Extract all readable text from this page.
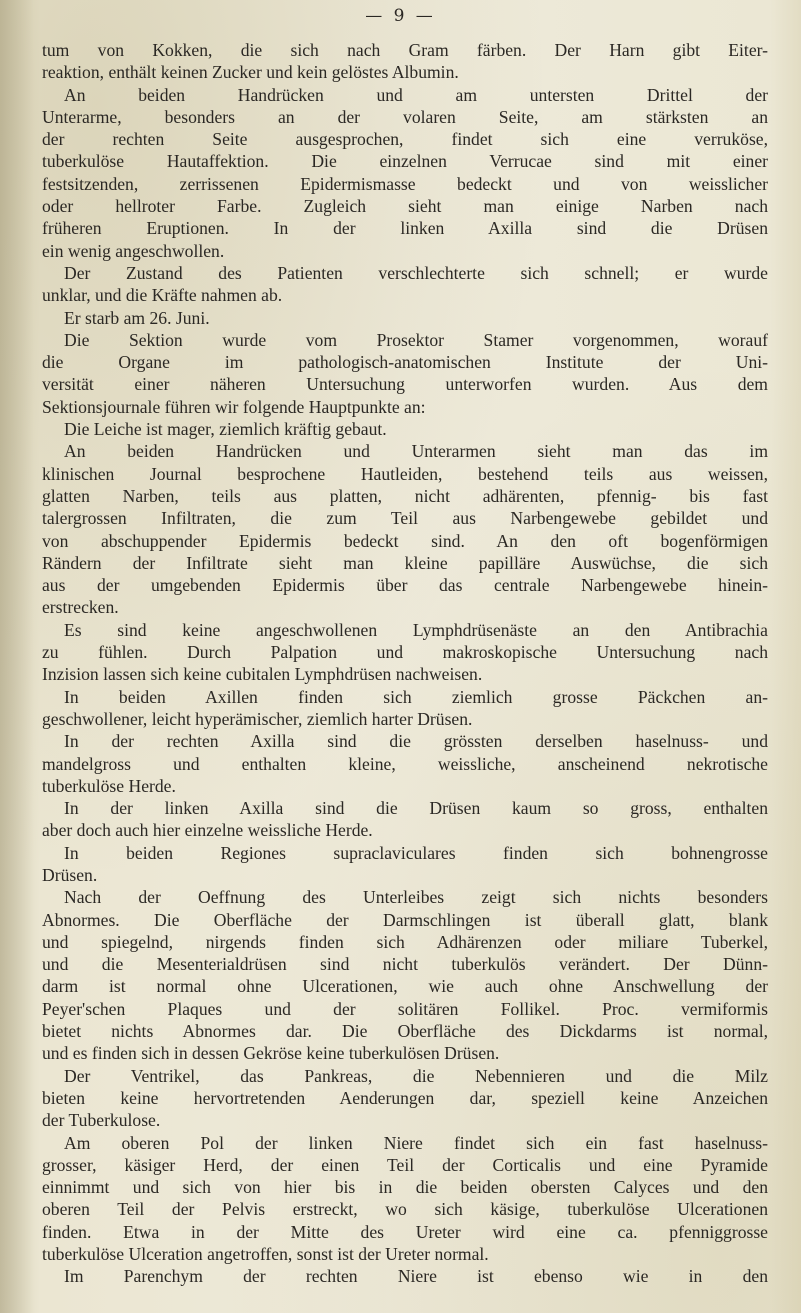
— 9 —
tum von Kokken, die sich nach Gram färben. Der Harn gibt Eiter-
reaktion, enthält keinen Zucker und kein gelöstes Albumin.
An beiden Handrücken und am untersten Drittel der
Unterarme, besonders an der volaren Seite, am stärksten an
der rechten Seite ausgesprochen, findet sich eine verruköse,
tuberkulöse Hautaffektion. Die einzelnen Verrucae sind mit einer
festsitzenden, zerrissenen Epidermismasse bedeckt und von weisslicher
oder hellroter Farbe. Zugleich sieht man einige Narben nach
früheren Eruptionen. In der linken Axilla sind die Drüsen
ein wenig angeschwollen.
Der Zustand des Patienten verschlechterte sich schnell; er wurde
unklar, und die Kräfte nahmen ab.
Er starb am 26. Juni.
Die Sektion wurde vom Prosektor Stamer vorgenommen, worauf
die Organe im pathologisch-anatomischen Institute der Uni-
versität einer näheren Untersuchung unterworfen wurden. Aus dem
Sektionsjournale führen wir folgende Hauptpunkte an:
Die Leiche ist mager, ziemlich kräftig gebaut.
An beiden Handrücken und Unterarmen sieht man das im
klinischen Journal besprochene Hautleiden, bestehend teils aus weissen,
glatten Narben, teils aus platten, nicht adhärenten, pfennig- bis fast
talergrossen Infiltraten, die zum Teil aus Narbengewebe gebildet und
von abschuppender Epidermis bedeckt sind. An den oft bogenförmigen
Rändern der Infiltrate sieht man kleine papilläre Auswüchse, die sich
aus der umgebenden Epidermis über das centrale Narbengewebe hinein-
erstrecken.
Es sind keine angeschwollenen Lymphdrüsenäste an den Antibrachia
zu fühlen. Durch Palpation und makroskopische Untersuchung nach
Inzision lassen sich keine cubitalen Lymphdrüsen nachweisen.
In beiden Axillen finden sich ziemlich grosse Päckchen an-
geschwollener, leicht hyperämischer, ziemlich harter Drüsen.
In der rechten Axilla sind die grössten derselben haselnuss- und
mandelgross und enthalten kleine, weissliche, anscheinend nekrotische
tuberkulöse Herde.
In der linken Axilla sind die Drüsen kaum so gross, enthalten
aber doch auch hier einzelne weissliche Herde.
In beiden Regiones supraclaviculares finden sich bohnengrosse
Drüsen.
Nach der Oeffnung des Unterleibes zeigt sich nichts besonders
Abnormes. Die Oberfläche der Darmschlingen ist überall glatt, blank
und spiegelnd, nirgends finden sich Adhärenzen oder miliare Tuberkel,
und die Mesenterialdrüsen sind nicht tuberkulös verändert. Der Dünn-
darm ist normal ohne Ulcerationen, wie auch ohne Anschwellung der
Peyer'schen Plaques und der solitären Follikel. Proc. vermiformis
bietet nichts Abnormes dar. Die Oberfläche des Dickdarms ist normal,
und es finden sich in dessen Gekröse keine tuberkulösen Drüsen.
Der Ventrikel, das Pankreas, die Nebennieren und die Milz
bieten keine hervortretenden Aenderungen dar, speziell keine Anzeichen
der Tuberkulose.
Am oberen Pol der linken Niere findet sich ein fast haselnuss-
grosser, käsiger Herd, der einen Teil der Corticalis und eine Pyramide
einnimmt und sich von hier bis in die beiden obersten Calyces und den
oberen Teil der Pelvis erstreckt, wo sich käsige, tuberkulöse Ulcerationen
finden. Etwa in der Mitte des Ureter wird eine ca. pfenniggrosse
tuberkulöse Ulceration angetroffen, sonst ist der Ureter normal.
Im Parenchym der rechten Niere ist ebenso wie in den
